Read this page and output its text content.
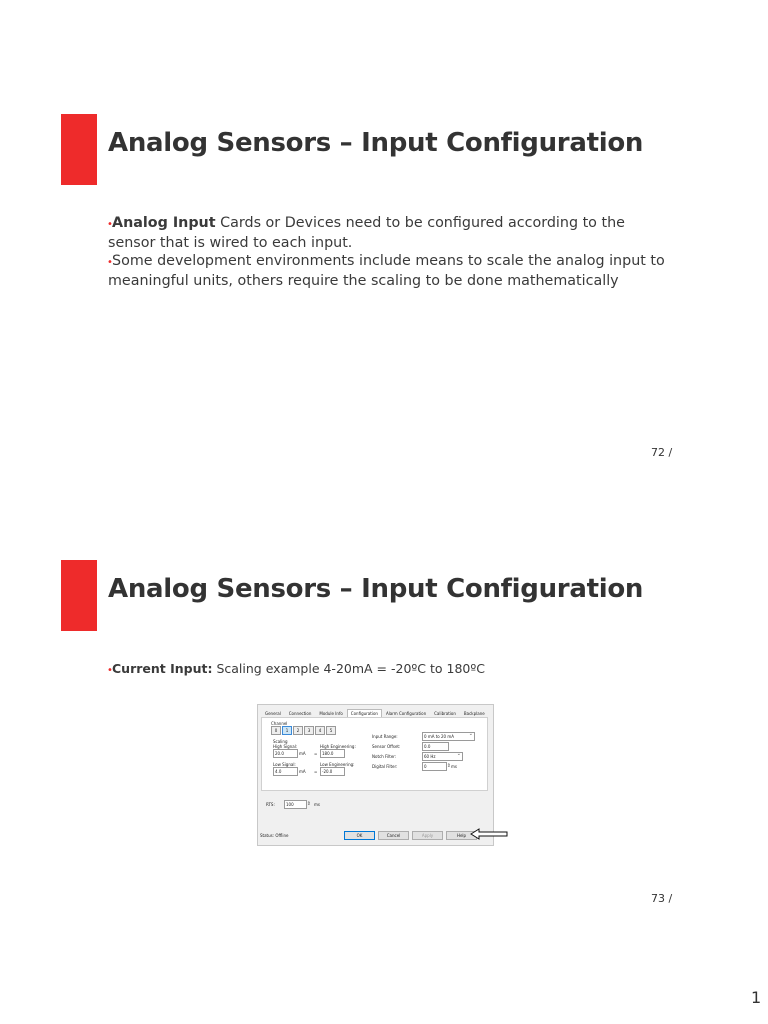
Analog Sensors – Input Configuration

•Analog Input Cards or Devices need to be configured according to the sensor that is wired to each input.

•Some development environments include means to scale the analog input to meaningful units, others require the scaling to be done mathematically

72 /
Analog Sensors – Input Configuration

•Current Input: Scaling example 4-20mA = -20ºC to 180ºC

General	Connection	Module Info	Configuration	Alarm Configuration	Calibration	Backplane
Channel
0	1	2	3	4	5
Scaling
High Signal:
20.0	mA =
High Engineering:
180.0
Low Signal:
4.0	mA =
Low Engineering:
-20.0
Input Range:	0 mA to 20 mA ⌄
Sensor Offset:	0.0
Notch Filter:	60 Hz ⌄
Digital Filter:	0 ⇕	ms
RTS:	100 ⇕	ms
Status: Offline	OK	Cancel	Apply	Help
73 /
1
